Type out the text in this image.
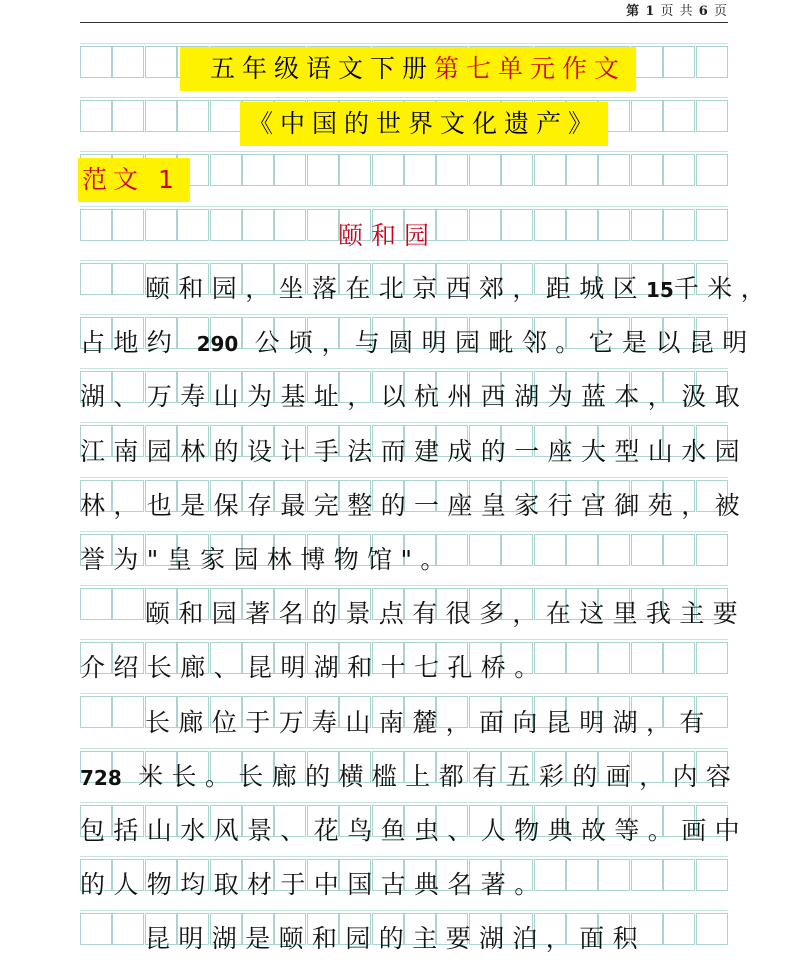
第 1 页 共 6 页
五年级语文下册第七单元作文
《中国的世界文化遗产》
范文 1
颐和园
颐和园，坐落在北京西郊，距城区15千米，
占地约 290 公顷，与圆明园毗邻。它是以昆明
湖、万寿山为基址，以杭州西湖为蓝本，汲取
江南园林的设计手法而建成的一座大型山水园
林，也是保存最完整的一座皇家行宫御苑，被
誉为"皇家园林博物馆"。
颐和园著名的景点有很多，在这里我主要
介绍长廊、昆明湖和十七孔桥。
长廊位于万寿山南麓，面向昆明湖，有
728 米长。长廊的横槛上都有五彩的画，内容
包括山水风景、花鸟鱼虫、人物典故等。画中
的人物均取材于中国古典名著。
昆明湖是颐和园的主要湖泊，面积
